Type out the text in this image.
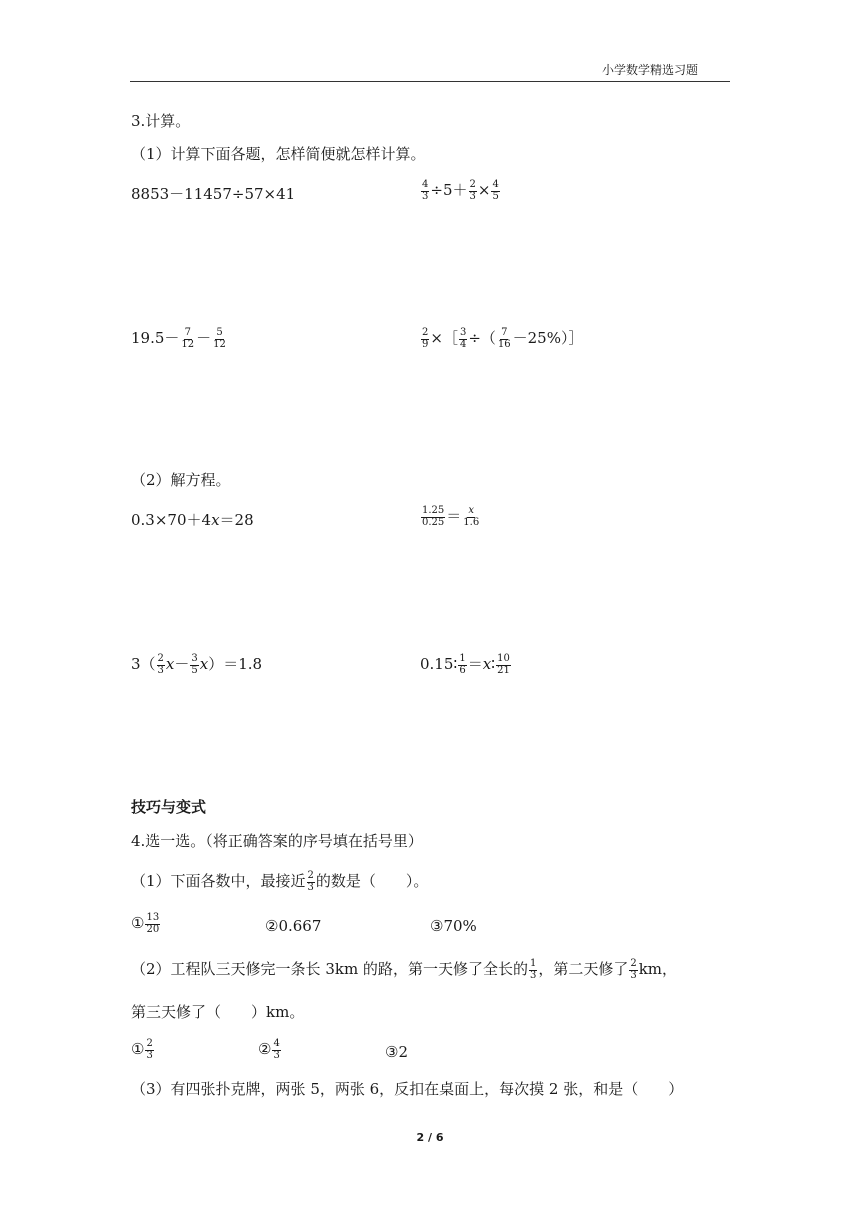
小学数学精选习题
3.计算。
（1）计算下面各题，怎样简便就怎样计算。
8853－11457÷57×41	$\frac{4}{3} \div 5+ \frac{2}{3} \times \frac{4}{5}$
$19.5- \frac{7}{12} - \frac{5}{12}$	$\frac{2}{9}$ ×［ $\frac{3}{4}$ ÷（ $\frac{7}{16}$ －25%）］
（2）解方程。
0.3×70＋4x＝28	$\frac{1.25}{0.25} = \frac{x}{1.6}$
$3( \frac{2}{3} x- \frac{3}{5} x)=1.8$	0.15∶ $\frac{1}{6}$ ＝x∶ $\frac{10}{21}$
技巧与变式
4.选一选。（将正确答案的序号填在括号里）
（1）下面各数中，最接近 $\frac{2}{3}$ 的数是（　　）。
① $\frac{13}{20}$	②0.667	③70%
（2）工程队三天修完一条长 3km 的路，第一天修了全长的 $\frac{1}{3}$ ，第二天修了 $\frac{2}{3}$ km，
第三天修了（　　）km。
① $\frac{2}{3}$	② $\frac{4}{3}$	③2
（3）有四张扑克牌，两张 5，两张 6，反扣在桌面上，每次摸 2 张，和是（　　）
2 / 6
